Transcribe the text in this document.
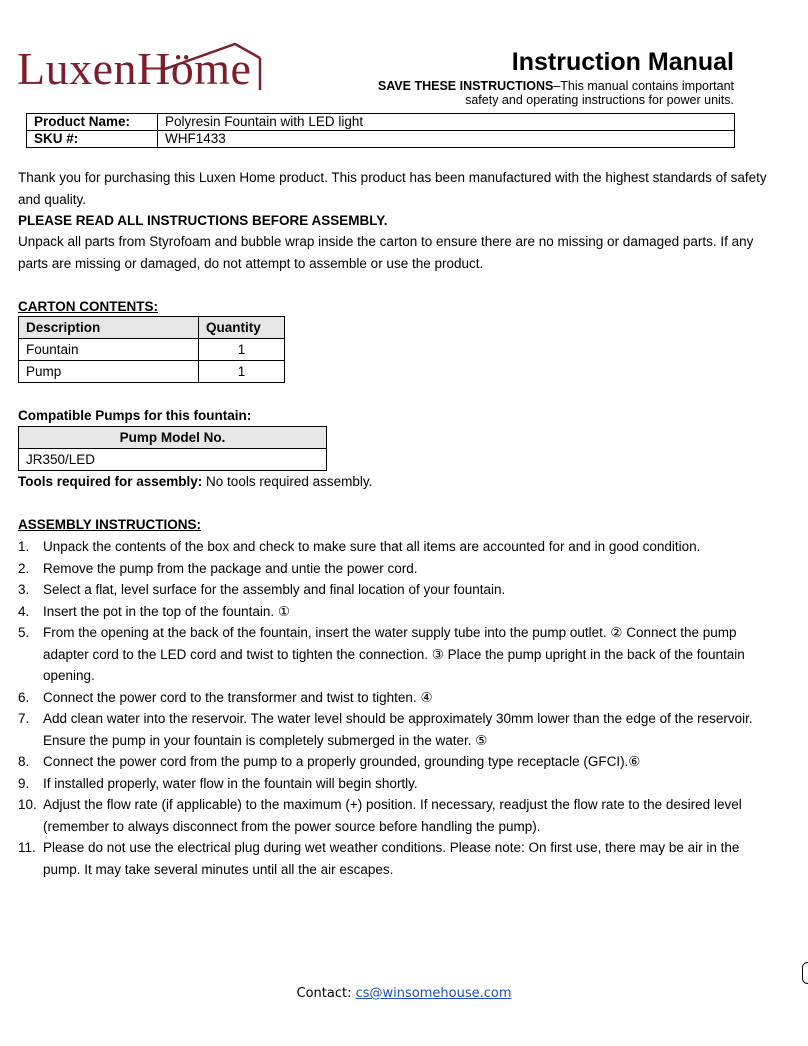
LuxenHöme	Instruction Manual
SAVE THESE INSTRUCTIONS–This manual contains important
safety and operating instructions for power units.
Product Name:	Polyresin Fountain with LED light
SKU #:	WHF1433
Thank you for purchasing this Luxen Home product. This product has been manufactured with the highest standards of safety and quality.
PLEASE READ ALL INSTRUCTIONS BEFORE ASSEMBLY.
Unpack all parts from Styrofoam and bubble wrap inside the carton to ensure there are no missing or damaged parts. If any parts are missing or damaged, do not attempt to assemble or use the product.
CARTON CONTENTS:
Description	Quantity
Fountain	1
Pump	1
Compatible Pumps for this fountain:
Pump Model No.
JR350/LED
Tools required for assembly: No tools required assembly.
ASSEMBLY INSTRUCTIONS:
1.	Unpack the contents of the box and check to make sure that all items are accounted for and in good condition.
2.	Remove the pump from the package and untie the power cord.
3.	Select a flat, level surface for the assembly and final location of your fountain.
4.	Insert the pot in the top of the fountain. ①
5.	From the opening at the back of the fountain, insert the water supply tube into the pump outlet. ② Connect the pump adapter cord to the LED cord and twist to tighten the connection. ③ Place the pump upright in the back of the fountain opening.
6.	Connect the power cord to the transformer and twist to tighten. ④
7.	Add clean water into the reservoir. The water level should be approximately 30mm lower than the edge of the reservoir. Ensure the pump in your fountain is completely submerged in the water. ⑤
8.	Connect the power cord from the pump to a properly grounded, grounding type receptacle (GFCI).⑥
9.	If installed properly, water flow in the fountain will begin shortly.
10. Adjust the flow rate (if applicable) to the maximum (+) position. If necessary, readjust the flow rate to the desired level (remember to always disconnect from the power source before handling the pump).
11. Please do not use the electrical plug during wet weather conditions. Please note: On first use, there may be air in the pump. It may take several minutes until all the air escapes.
Contact: cs@winsomehouse.com
